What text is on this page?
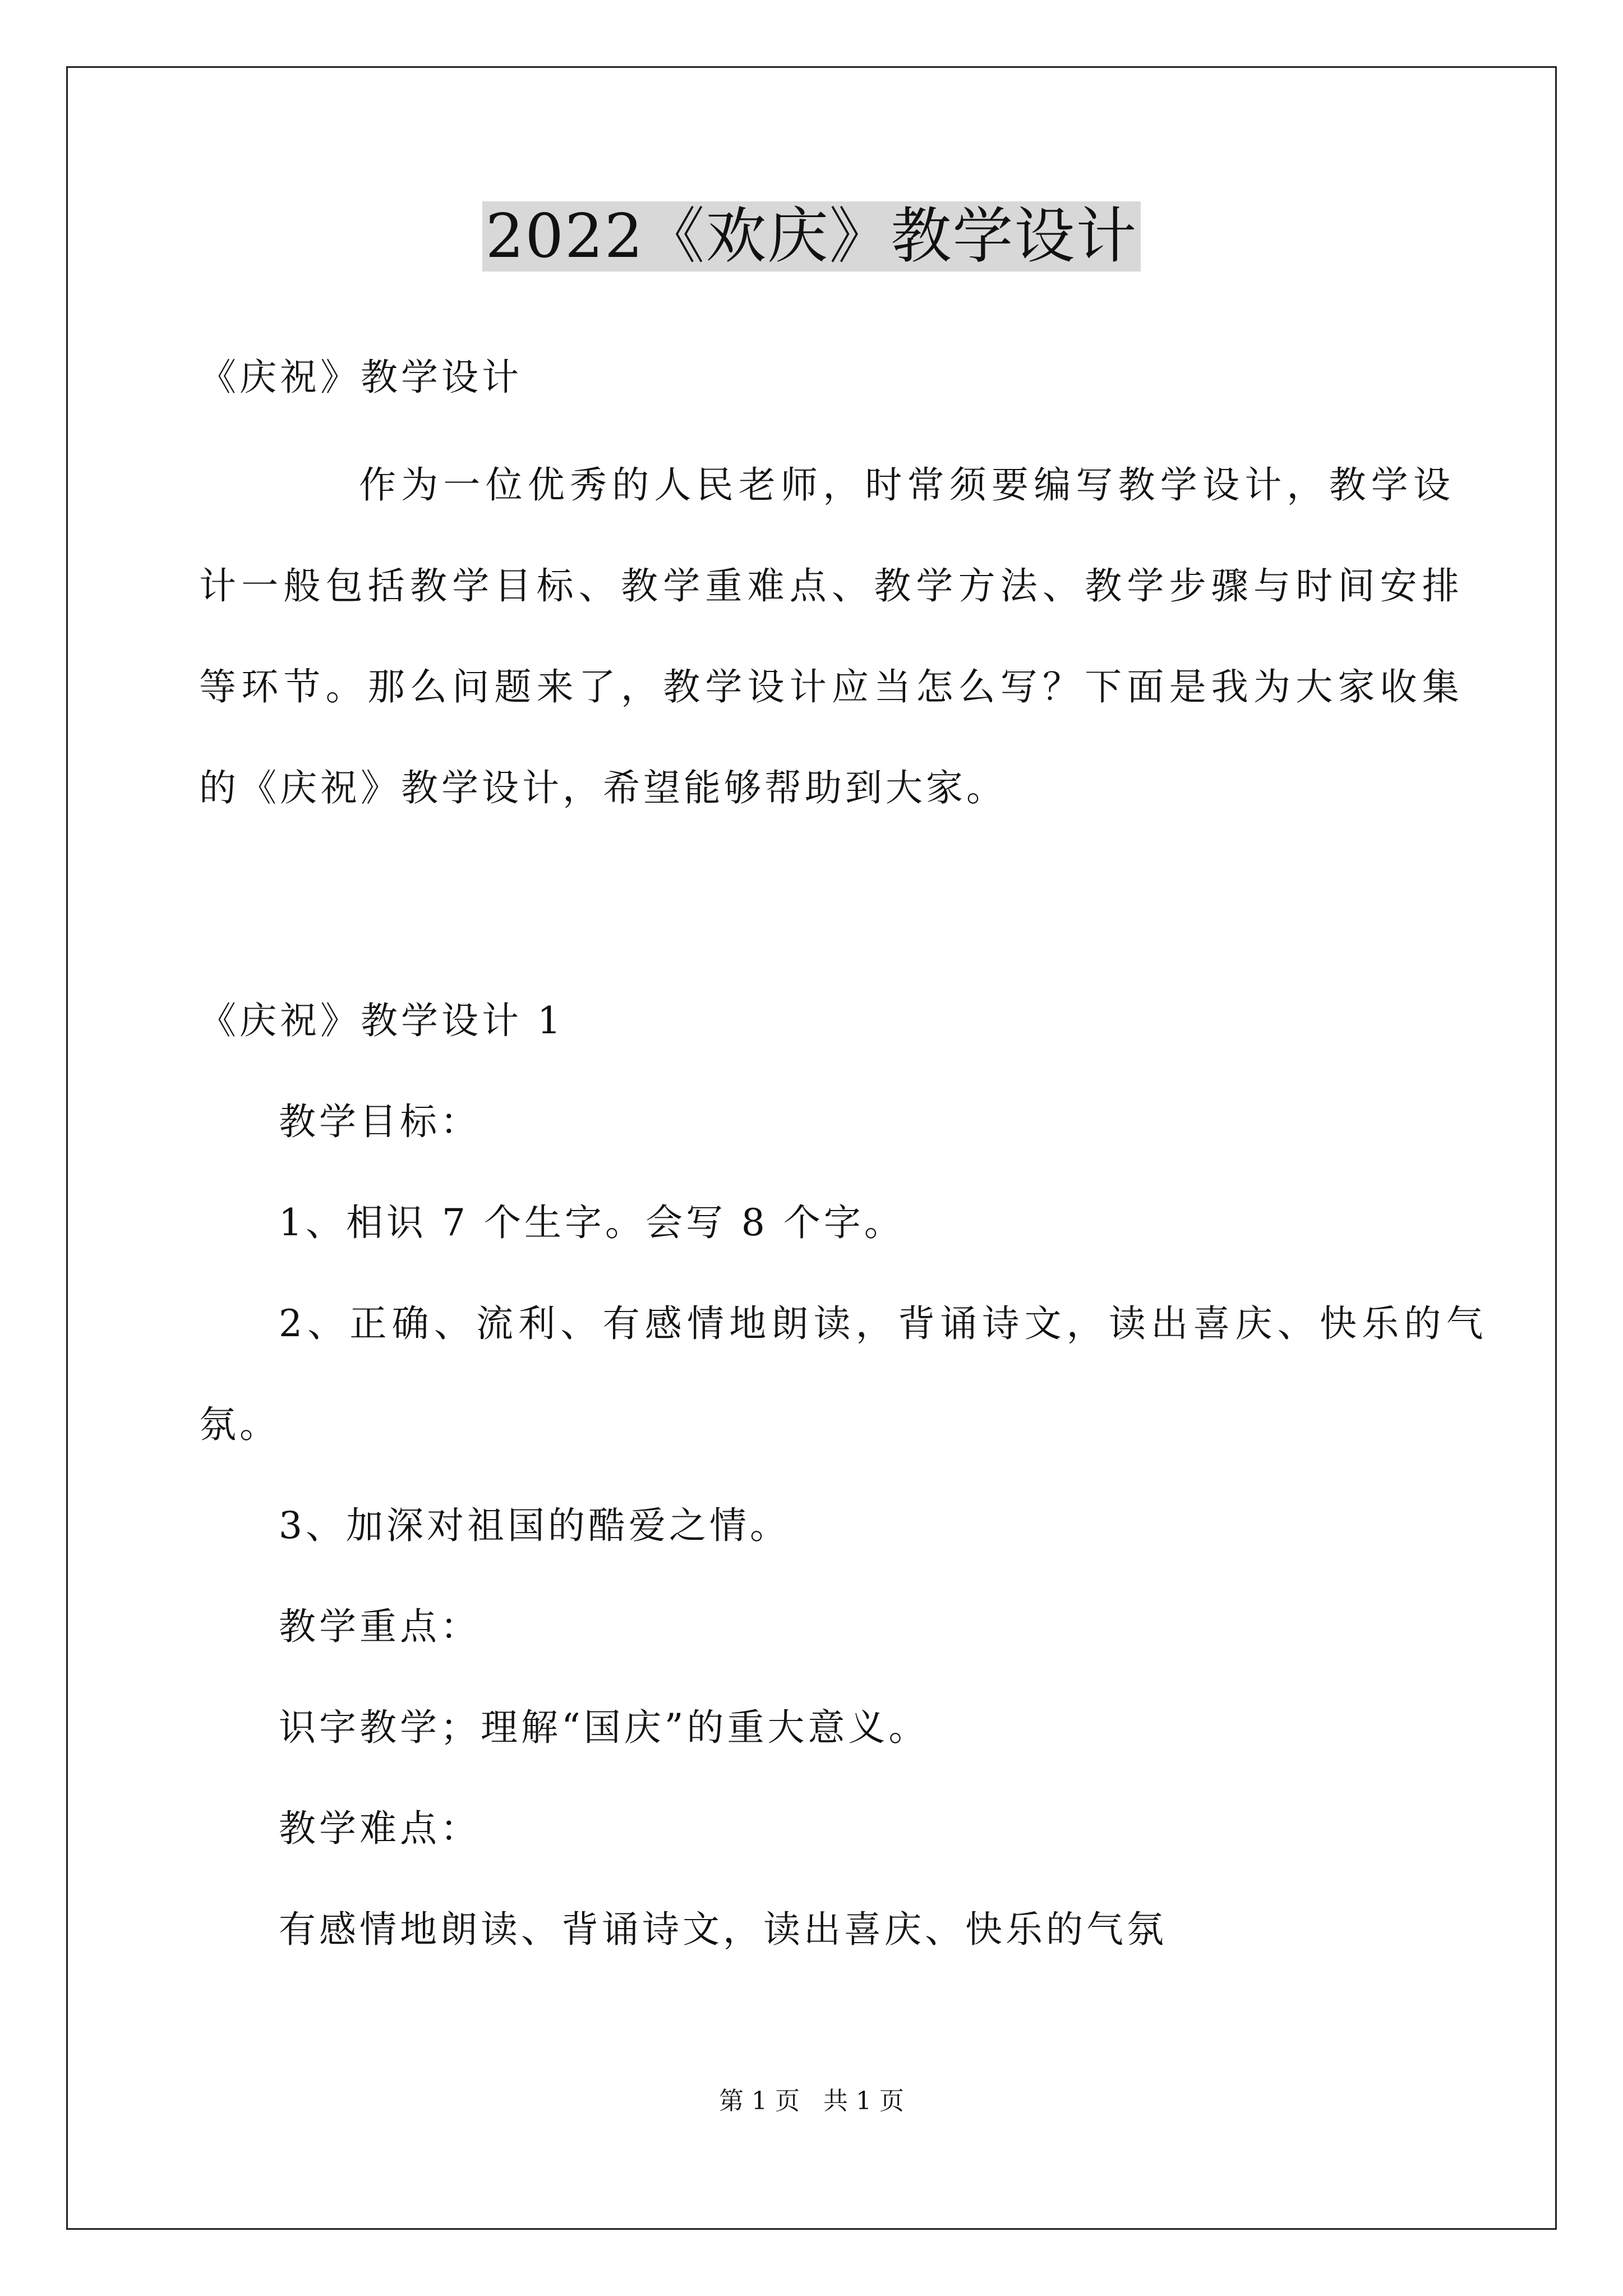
2022《欢庆》教学设计
《庆祝》教学设计
作为一位优秀的人民老师，时常须要编写教学设计，教学设
计一般包括教学目标、教学重难点、教学方法、教学步骤与时间安排
等环节。那么问题来了，教学设计应当怎么写？下面是我为大家收集
的《庆祝》教学设计，希望能够帮助到大家。
《庆祝》教学设计 1
教学目标：
1、相识 7 个生字。会写 8 个字。
2、正确、流利、有感情地朗读，背诵诗文，读出喜庆、快乐的气
氛。
3、加深对祖国的酷爱之情。
教学重点：
识字教学；理解“国庆”的重大意义。
教学难点：
有感情地朗读、背诵诗文，读出喜庆、快乐的气氛
第 1 页   共 1 页
